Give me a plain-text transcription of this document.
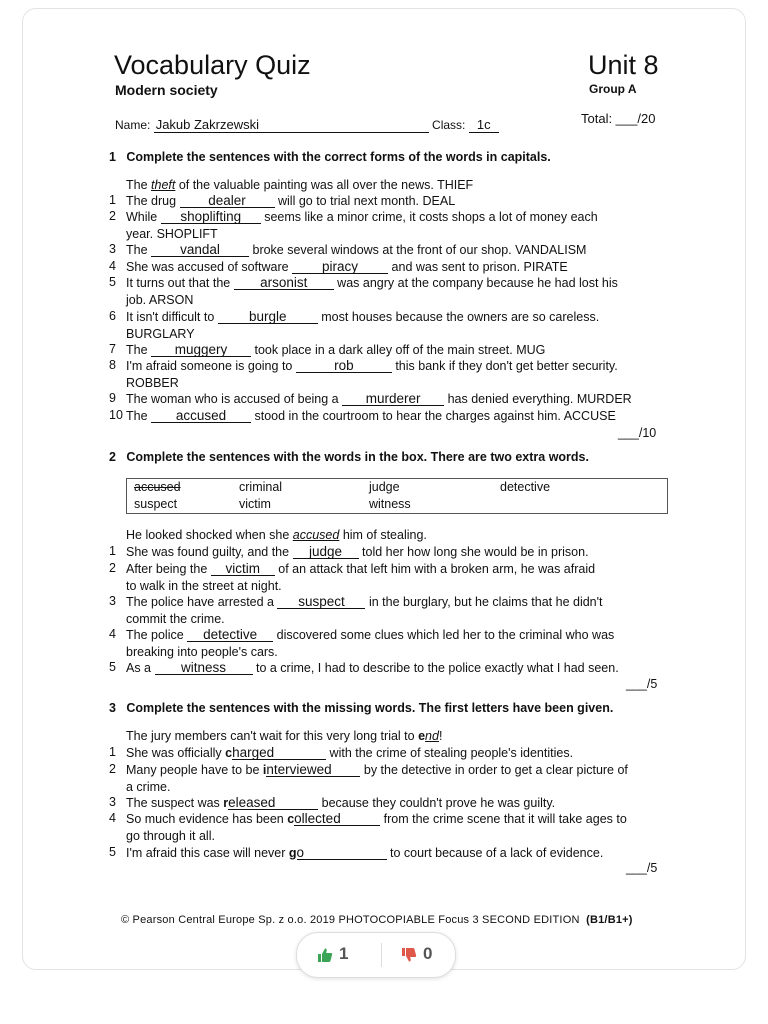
Vocabulary Quiz
Modern society
Unit 8
Group A
Total: ___/20
Name: Jakub Zakrzewski	Class: 1c
1 Complete the sentences with the correct forms of the words in capitals.
The theft of the valuable painting was all over the news. THIEF
1 The drug dealer will go to trial next month. DEAL
2 While shoplifting seems like a minor crime, it costs shops a lot of money each
year. SHOPLIFT
3 The vandal broke several windows at the front of our shop. VANDALISM
4 She was accused of software piracy and was sent to prison. PIRATE
5 It turns out that the arsonist was angry at the company because he had lost his
job. ARSON
6 It isn't difficult to burgle most houses because the owners are so careless.
BURGLARY
7 The muggery took place in a dark alley off of the main street. MUG
8 I'm afraid someone is going to	rob	this bank if they don't get better security.
ROBBER
9 The woman who is accused of being a murderer has denied everything. MURDER
10 The accused stood in the courtroom to hear the charges against him. ACCUSE
___/10
2 Complete the sentences with the words in the box. There are two extra words.
accused	criminal	judge	detective
suspect	victim	witness
He looked shocked when she accused him of stealing.
1 She was found guilty, and the judge told her how long she would be in prison.
2 After being the victim of an attack that left him with a broken arm, he was afraid
to walk in the street at night.
3 The police have arrested a suspect in the burglary, but he claims that he didn't
commit the crime.
4 The police detective discovered some clues which led her to the criminal who was
breaking into people's cars.
5 As a witness to a crime, I had to describe to the police exactly what I had seen.
___/5
3 Complete the sentences with the missing words. The first letters have been given.
The jury members can't wait for this very long trial to end!
1 She was officially charged	with the crime of stealing people's identities.
2 Many people have to be interviewed by the detective in order to get a clear picture of
a crime.
3 The suspect was released	because they couldn't prove he was guilty.
4 So much evidence has been collected	from the crime scene that it will take ages to
go through it all.
5 I'm afraid this case will never go	to court because of a lack of evidence.
___/5
© Pearson Central Europe Sp. z o.o. 2019 PHOTOCOPIABLE Focus 3 SECOND EDITION (B1/B1+)
1	0
